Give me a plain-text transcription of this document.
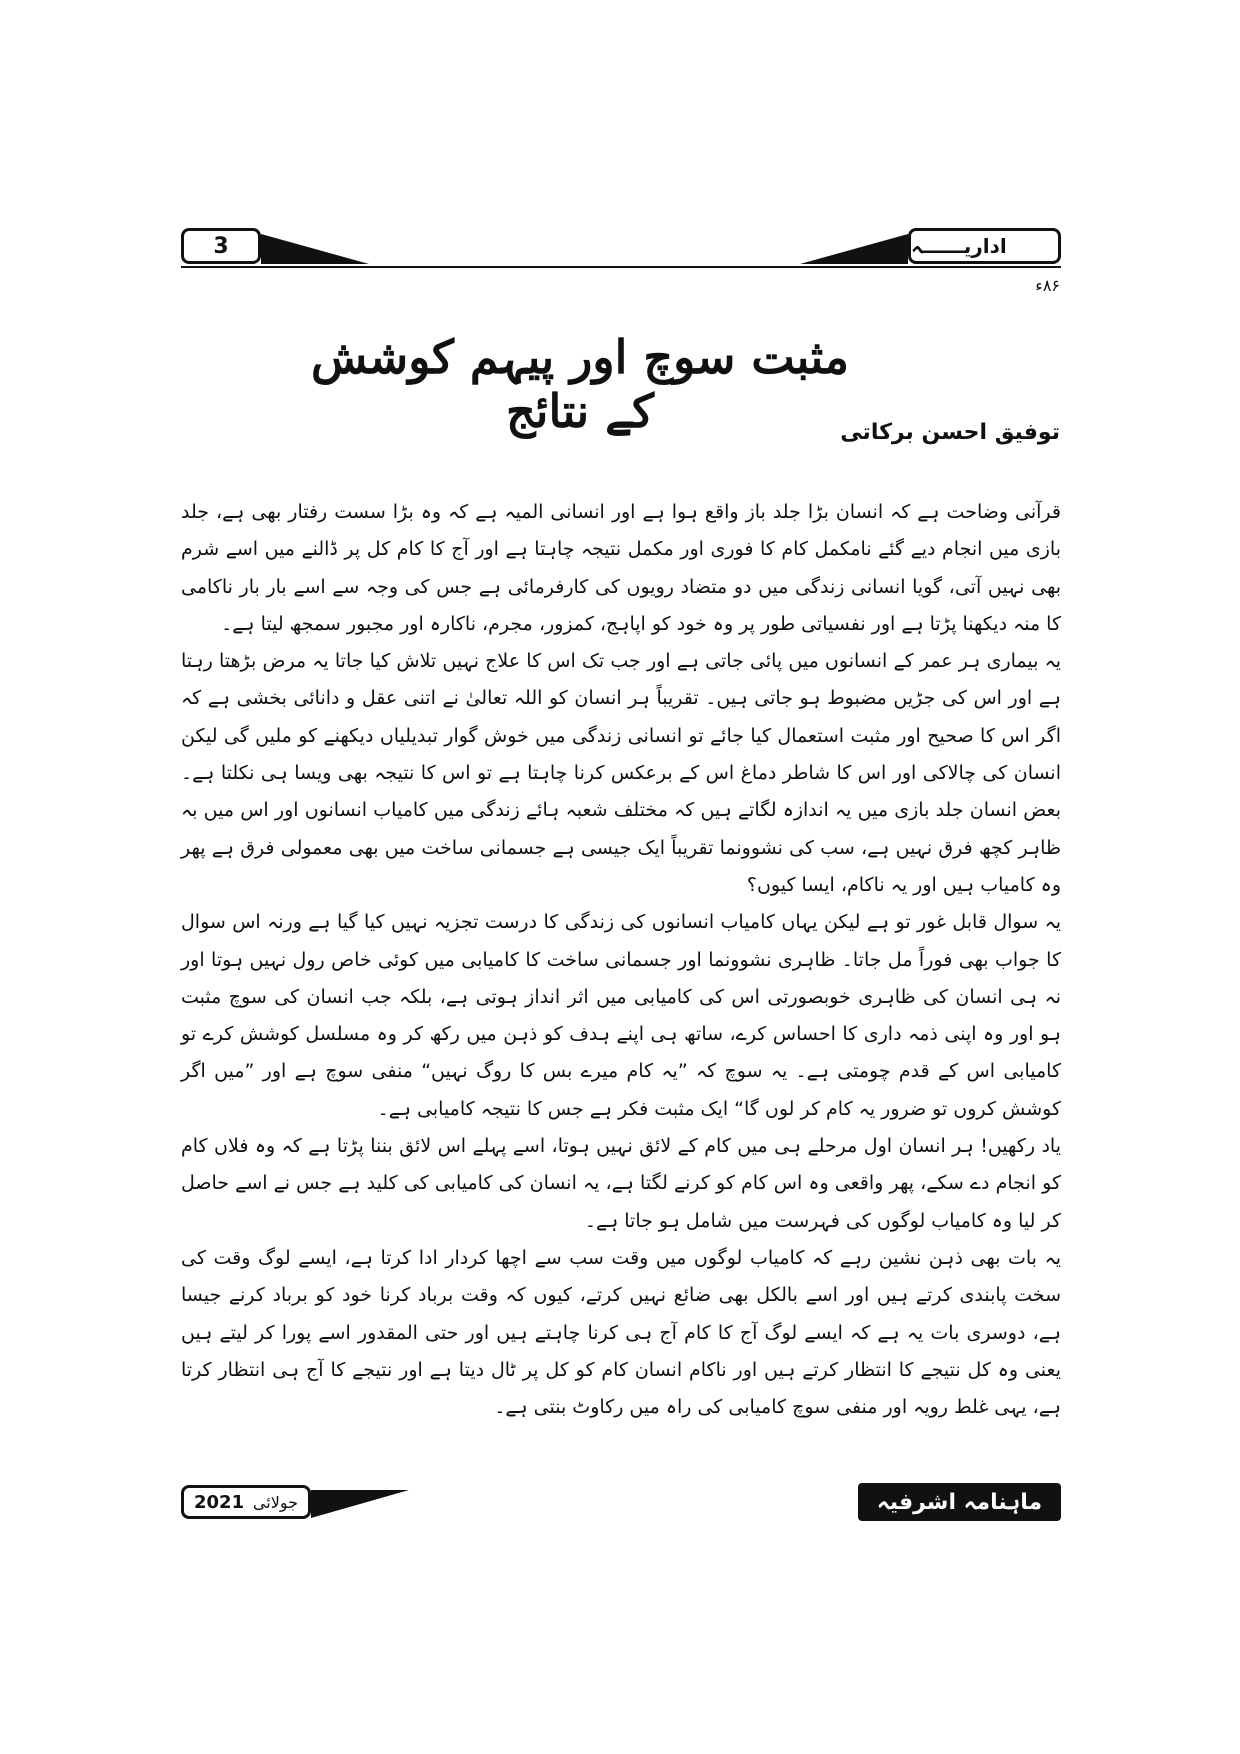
3	اداریــــــہ
۸۶ء
مثبت سوچ اور پیہم کوشش کے نتائج	توفیق احسن برکاتی

قرآنی وضاحت ہے کہ انسان بڑا جلد باز واقع ہوا ہے اور انسانی المیہ ہے کہ وہ بڑا سست رفتار بھی ہے، جلد بازی میں انجام دیے گئے نامکمل کام کا فوری اور مکمل نتیجہ چاہتا ہے اور آج کا کام کل پر ڈالنے میں اسے شرم بھی نہیں آتی، گویا انسانی زندگی میں دو متضاد رویوں کی کارفرمائی ہے جس کی وجہ سے اسے بار بار ناکامی کا منہ دیکھنا پڑتا ہے اور نفسیاتی طور پر وہ خود کو اپاہج، کمزور، مجرم، ناکارہ اور مجبور سمجھ لیتا ہے۔

یہ بیماری ہر عمر کے انسانوں میں پائی جاتی ہے اور جب تک اس کا علاج نہیں تلاش کیا جاتا یہ مرض بڑھتا رہتا ہے اور اس کی جڑیں مضبوط ہو جاتی ہیں۔ تقریباً ہر انسان کو اللہ تعالیٰ نے اتنی عقل و دانائی بخشی ہے کہ اگر اس کا صحیح اور مثبت استعمال کیا جائے تو انسانی زندگی میں خوش گوار تبدیلیاں دیکھنے کو ملیں گی لیکن انسان کی چالاکی اور اس کا شاطر دماغ اس کے برعکس کرنا چاہتا ہے تو اس کا نتیجہ بھی ویسا ہی نکلتا ہے۔ بعض انسان جلد بازی میں یہ اندازہ لگاتے ہیں کہ مختلف شعبہ ہائے زندگی میں کامیاب انسانوں اور اس میں بہ ظاہر کچھ فرق نہیں ہے، سب کی نشوونما تقریباً ایک جیسی ہے جسمانی ساخت میں بھی معمولی فرق ہے پھر وہ کامیاب ہیں اور یہ ناکام، ایسا کیوں؟

یہ سوال قابل غور تو ہے لیکن یہاں کامیاب انسانوں کی زندگی کا درست تجزیہ نہیں کیا گیا ہے ورنہ اس سوال کا جواب بھی فوراً مل جاتا۔ ظاہری نشوونما اور جسمانی ساخت کا کامیابی میں کوئی خاص رول نہیں ہوتا اور نہ ہی انسان کی ظاہری خوبصورتی اس کی کامیابی میں اثر انداز ہوتی ہے، بلکہ جب انسان کی سوچ مثبت ہو اور وہ اپنی ذمہ داری کا احساس کرے، ساتھ ہی اپنے ہدف کو ذہن میں رکھ کر وہ مسلسل کوشش کرے تو کامیابی اس کے قدم چومتی ہے۔ یہ سوچ کہ ”یہ کام میرے بس کا روگ نہیں“ منفی سوچ ہے اور ”میں اگر کوشش کروں تو ضرور یہ کام کر لوں گا“ ایک مثبت فکر ہے جس کا نتیجہ کامیابی ہے۔

یاد رکھیں! ہر انسان اول مرحلے ہی میں کام کے لائق نہیں ہوتا، اسے پہلے اس لائق بننا پڑتا ہے کہ وہ فلاں کام کو انجام دے سکے، پھر واقعی وہ اس کام کو کرنے لگتا ہے، یہ انسان کی کامیابی کی کلید ہے جس نے اسے حاصل کر لیا وہ کامیاب لوگوں کی فہرست میں شامل ہو جاتا ہے۔

یہ بات بھی ذہن نشین رہے کہ کامیاب لوگوں میں وقت سب سے اچھا کردار ادا کرتا ہے، ایسے لوگ وقت کی سخت پابندی کرتے ہیں اور اسے بالکل بھی ضائع نہیں کرتے، کیوں کہ وقت برباد کرنا خود کو برباد کرنے جیسا ہے، دوسری بات یہ ہے کہ ایسے لوگ آج کا کام آج ہی کرنا چاہتے ہیں اور حتی المقدور اسے پورا کر لیتے ہیں یعنی وہ کل نتیجے کا انتظار کرتے ہیں اور ناکام انسان کام کو کل پر ٹال دیتا ہے اور نتیجے کا آج ہی انتظار کرتا ہے، یہی غلط رویہ اور منفی سوچ کامیابی کی راہ میں رکاوٹ بنتی ہے۔

2021 جولائی	ماہنامہ اشرفیہ
